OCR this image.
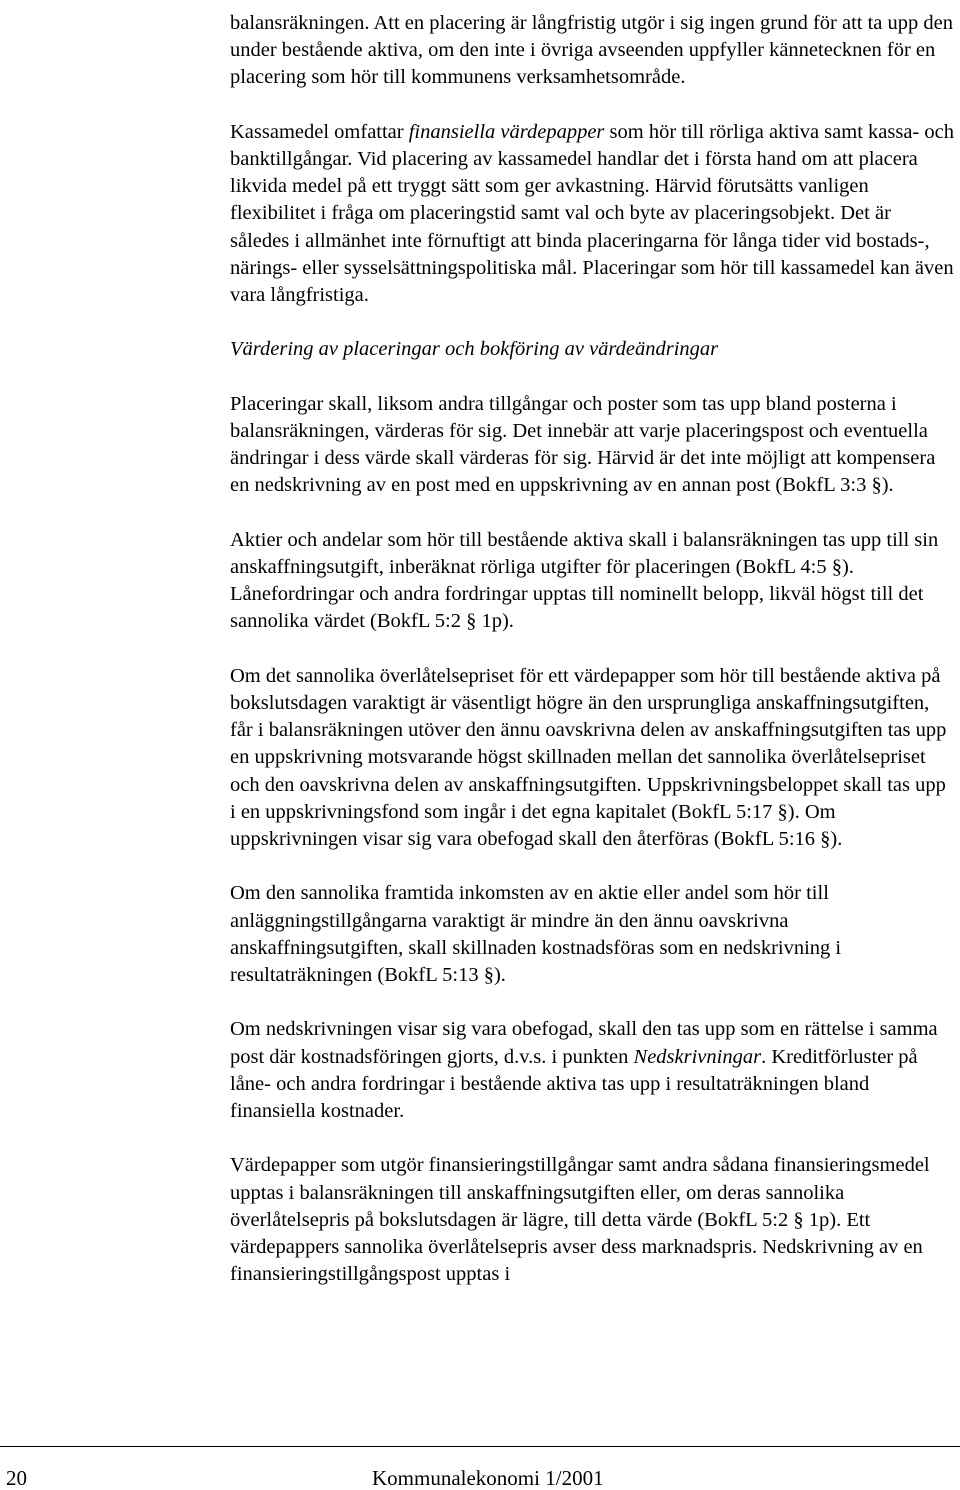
balansräkningen. Att en placering är långfristig utgör i sig ingen grund för att ta upp den under bestående aktiva, om den inte i övriga avseenden uppfyller kännetecknen för en placering som hör till kommunens verksamhetsområde.

Kassamedel omfattar finansiella värdepapper som hör till rörliga aktiva samt kassa- och banktillgångar. Vid placering av kassamedel handlar det i första hand om att placera likvida medel på ett tryggt sätt som ger avkastning. Härvid förutsätts vanligen flexibilitet i fråga om placeringstid samt val och byte av placeringsobjekt. Det är således i allmänhet inte förnuftigt att binda placeringarna för långa tider vid bostads-, närings- eller sysselsättningspolitiska mål. Placeringar som hör till kassamedel kan även vara långfristiga.

Värdering av placeringar och bokföring av värdeändringar

Placeringar skall, liksom andra tillgångar och poster som tas upp bland posterna i balansräkningen, värderas för sig. Det innebär att varje placeringspost och eventuella ändringar i dess värde skall värderas för sig. Härvid är det inte möjligt att kompensera en nedskrivning av en post med en uppskrivning av en annan post (BokfL 3:3 §).

Aktier och andelar som hör till bestående aktiva skall i balansräkningen tas upp till sin anskaffningsutgift, inberäknat rörliga utgifter för placeringen (BokfL 4:5 §). Lånefordringar och andra fordringar upptas till nominellt belopp, likväl högst till det sannolika värdet (BokfL 5:2 § 1p).

Om det sannolika överlåtelsepriset för ett värdepapper som hör till bestående aktiva på bokslutsdagen varaktigt är väsentligt högre än den ursprungliga anskaffningsutgiften, får i balansräkningen utöver den ännu oavskrivna delen av anskaffningsutgiften tas upp en uppskrivning motsvarande högst skillnaden mellan det sannolika överlåtelsepriset och den oavskrivna delen av anskaffningsutgiften. Uppskrivningsbeloppet skall tas upp i en uppskrivningsfond som ingår i det egna kapitalet (BokfL 5:17 §). Om uppskrivningen visar sig vara obefogad skall den återföras (BokfL 5:16 §).

Om den sannolika framtida inkomsten av en aktie eller andel som hör till anläggningstillgångarna varaktigt är mindre än den ännu oavskrivna anskaffningsutgiften, skall skillnaden kostnadsföras som en nedskrivning i resultaträkningen (BokfL 5:13 §).

Om nedskrivningen visar sig vara obefogad, skall den tas upp som en rättelse i samma post där kostnadsföringen gjorts, d.v.s. i punkten Nedskrivningar. Kreditförluster på låne- och andra fordringar i bestående aktiva tas upp i resultaträkningen bland finansiella kostnader.

Värdepapper som utgör finansieringstillgångar samt andra sådana finansieringsmedel upptas i balansräkningen till anskaffningsutgiften eller, om deras sannolika överlåtelsepris på bokslutsdagen är lägre, till detta värde (BokfL 5:2 § 1p). Ett värdepappers sannolika överlåtelsepris avser dess marknadspris. Nedskrivning av en finansieringstillgångspost upptas i

20	Kommunalekonomi 1/2001
